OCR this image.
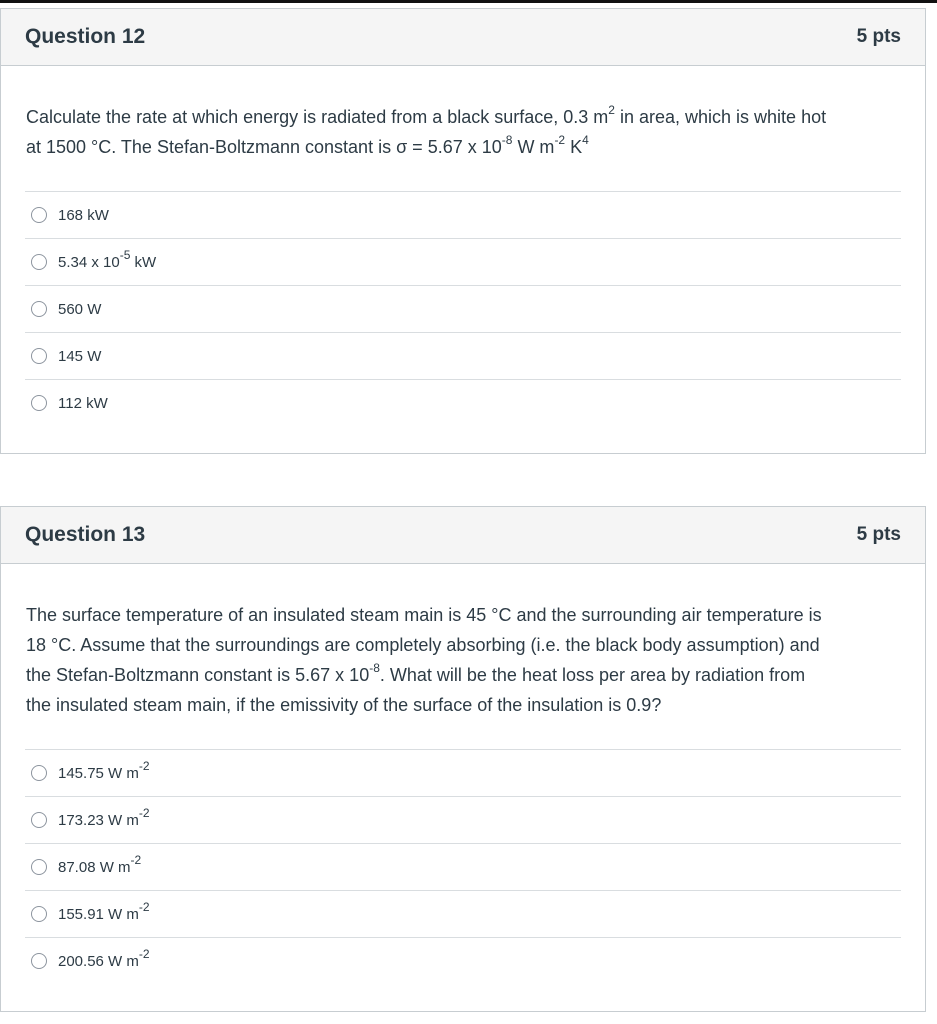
Question 12	5 pts
Calculate the rate at which energy is radiated from a black surface, 0.3 $m^2$ in area, which is white hot
at 1500 °C. The Stefan-Boltzmann constant is σ = 5.67 x $10^{-8}$ W $m^{-2}$ $K^4$
168 kW
5.34 x $10^{-5}$ kW
560 W
145 W
112 kW
Question 13	5 pts
The surface temperature of an insulated steam main is 45 °C and the surrounding air temperature is
18 °C. Assume that the surroundings are completely absorbing (i.e. the black body assumption) and
the Stefan-Boltzmann constant is 5.67 x $10^{-8}$. What will be the heat loss per area by radiation from
the insulated steam main, if the emissivity of the surface of the insulation is 0.9?
145.75 W $m^{-2}$
173.23 W $m^{-2}$
87.08 W $m^{-2}$
155.91 W $m^{-2}$
200.56 W $m^{-2}$
